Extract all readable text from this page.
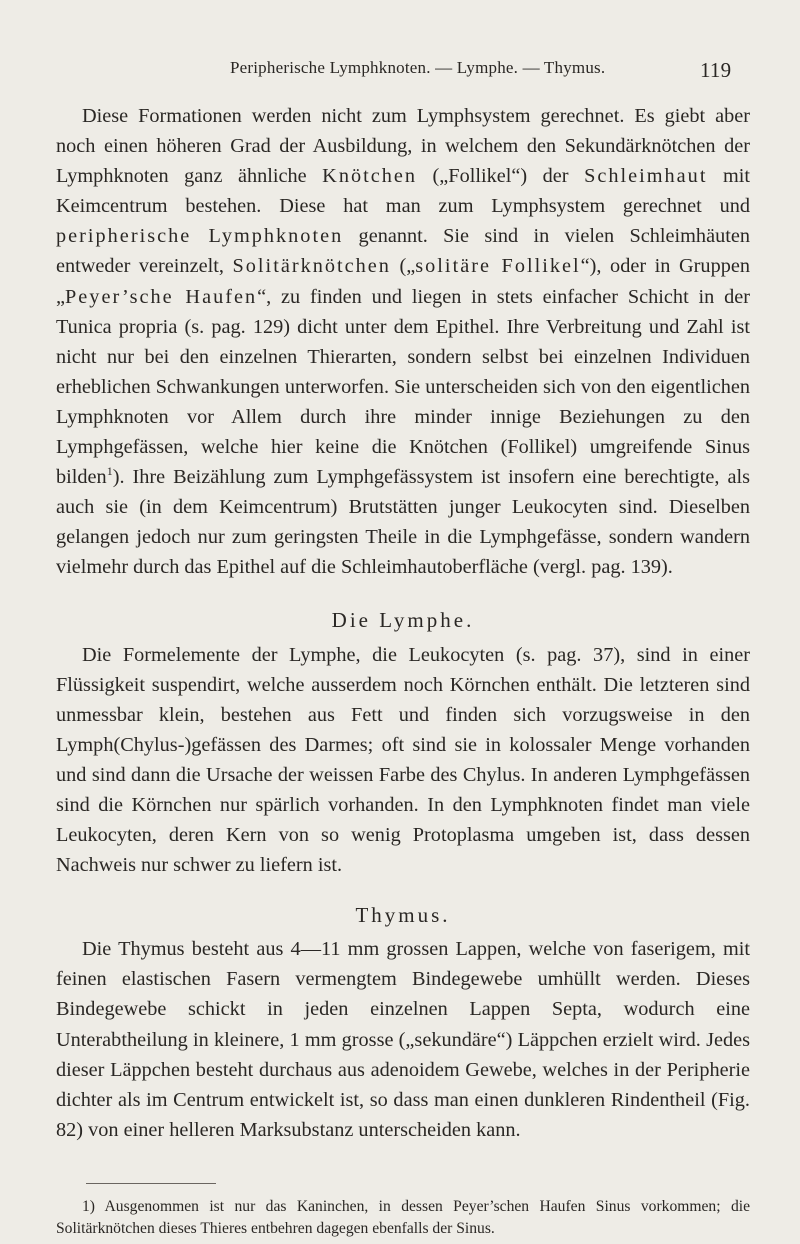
Peripherische Lymphknoten. — Lymphe. — Thymus.	119

Diese Formationen werden nicht zum Lymphsystem gerechnet. Es giebt aber noch einen höheren Grad der Ausbildung, in welchem den Sekundärknötchen der Lymphknoten ganz ähnliche Knötchen („Follikel“) der Schleimhaut mit Keimcentrum bestehen. Diese hat man zum Lymphsystem gerechnet und peripherische Lymphknoten genannt. Sie sind in vielen Schleimhäuten entweder vereinzelt, Solitärknötchen („solitäre Follikel“), oder in Gruppen „Peyer’sche Haufen“, zu finden und liegen in stets einfacher Schicht in der Tunica propria (s. pag. 129) dicht unter dem Epithel. Ihre Verbreitung und Zahl ist nicht nur bei den einzelnen Thierarten, sondern selbst bei einzelnen Individuen erheblichen Schwankungen unterworfen. Sie unterscheiden sich von den eigentlichen Lymphknoten vor Allem durch ihre minder innige Beziehungen zu den Lymphgefässen, welche hier keine die Knötchen (Follikel) umgreifende Sinus bilden$^1$). Ihre Beizählung zum Lymphgefässystem ist insofern eine berechtigte, als auch sie (in dem Keimcentrum) Brutstätten junger Leukocyten sind. Dieselben gelangen jedoch nur zum geringsten Theile in die Lymphgefässe, sondern wandern vielmehr durch das Epithel auf die Schleimhautoberfläche (vergl. pag. 139).

Die Lymphe.

Die Formelemente der Lymphe, die Leukocyten (s. pag. 37), sind in einer Flüssigkeit suspendirt, welche ausserdem noch Körnchen enthält. Die letzteren sind unmessbar klein, bestehen aus Fett und finden sich vorzugsweise in den Lymph(Chylus-)gefässen des Darmes; oft sind sie in kolossaler Menge vorhanden und sind dann die Ursache der weissen Farbe des Chylus. In anderen Lymphgefässen sind die Körnchen nur spärlich vorhanden. In den Lymphknoten findet man viele Leukocyten, deren Kern von so wenig Protoplasma umgeben ist, dass dessen Nachweis nur schwer zu liefern ist.

Thymus.

Die Thymus besteht aus 4—11 mm grossen Lappen, welche von faserigem, mit feinen elastischen Fasern vermengtem Bindegewebe umhüllt werden. Dieses Bindegewebe schickt in jeden einzelnen Lappen Septa, wodurch eine Unterabtheilung in kleinere, 1 mm grosse („sekundäre“) Läppchen erzielt wird. Jedes dieser Läppchen besteht durchaus aus adenoidem Gewebe, welches in der Peripherie dichter als im Centrum entwickelt ist, so dass man einen dunkleren Rindentheil (Fig. 82) von einer helleren Marksubstanz unterscheiden kann.

1) Ausgenommen ist nur das Kaninchen, in dessen Peyer’schen Haufen Sinus vorkommen; die Solitärknötchen dieses Thieres entbehren dagegen ebenfalls der Sinus.
